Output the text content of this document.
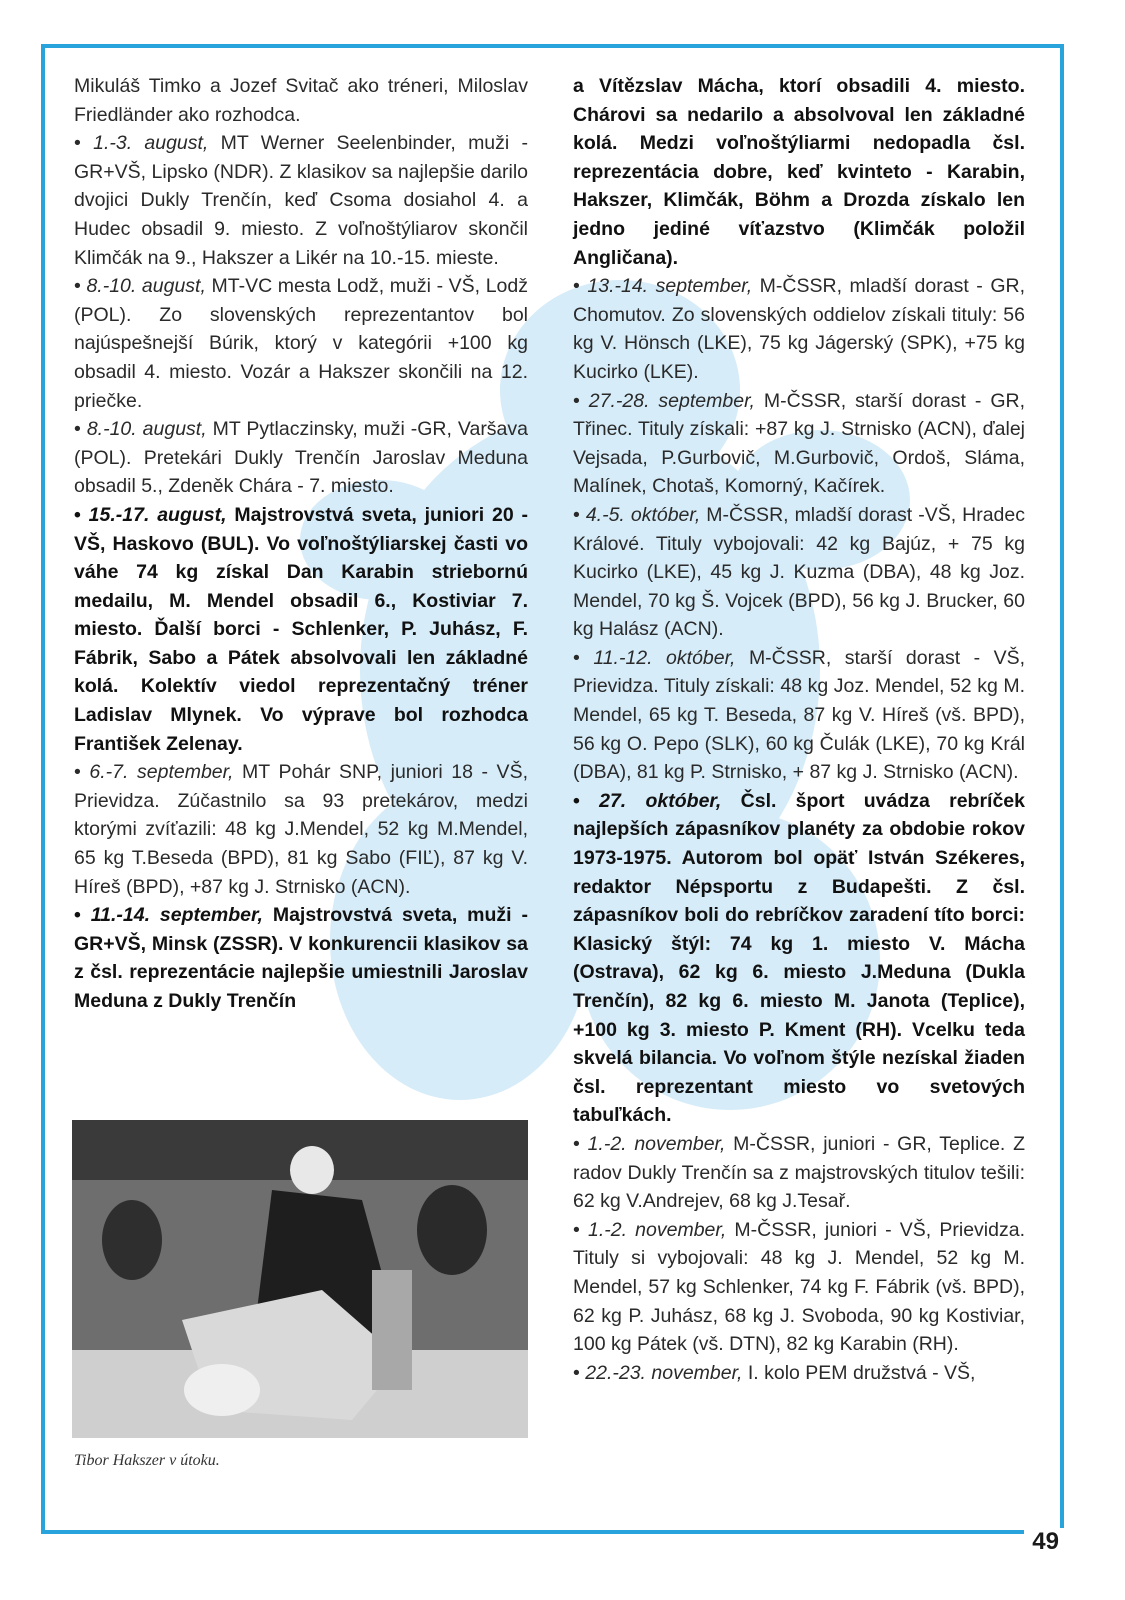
Mikuláš Timko a Jozef Svitač ako tréneri, Miloslav Friedländer ako rozhodca.

• 1.-3. august, MT Werner Seelenbinder, muži - GR+VŠ, Lipsko (NDR). Z klasikov sa najlepšie darilo dvojici Dukly Trenčín, keď Csoma dosiahol 4. a Hudec obsadil 9. miesto. Z voľnoštýliarov skončil Klimčák na 9., Hakszer a Likér na 10.-15. mieste.

• 8.-10. august, MT-VC mesta Lodž, muži - VŠ, Lodž (POL). Zo slovenských reprezentantov bol najúspešnejší Búrik, ktorý v kategórii +100 kg obsadil 4. miesto. Vozár a Hakszer skončili na 12. priečke.

• 8.-10. august, MT Pytlaczinsky, muži -GR, Varšava (POL). Pretekári Dukly Trenčín Jaroslav Meduna obsadil 5., Zdeněk Chára - 7. miesto.

• 15.-17. august, Majstrovstvá sveta, juniori 20 - VŠ, Haskovo (BUL). Vo voľnoštýliarskej časti vo váhe 74 kg získal Dan Karabin striebornú medailu, M. Mendel obsadil 6., Kostiviar 7. miesto. Ďalší borci - Schlenker, P. Juhász, F. Fábrik, Sabo a Pátek absolvovali len základné kolá. Kolektív viedol reprezentačný tréner Ladislav Mlynek. Vo výprave bol rozhodca František Zelenay.

• 6.-7. september, MT Pohár SNP, juniori 18 - VŠ, Prievidza. Zúčastnilo sa 93 pretekárov, medzi ktorými zvíťazili: 48 kg J.Mendel, 52 kg M.Mendel, 65 kg T.Beseda (BPD), 81 kg Sabo (FIĽ), 87 kg V. Híreš (BPD), +87 kg J. Strnisko (ACN).

• 11.-14. september, Majstrovstvá sveta, muži - GR+VŠ, Minsk (ZSSR). V konkurencii klasikov sa z čsl. reprezentácie najlepšie umiestnili Jaroslav Meduna z Dukly Trenčín

a Vítězslav Mácha, ktorí obsadili 4. miesto. Chárovi sa nedarilo a absolvoval len základné kolá. Medzi voľnoštýliarmi nedopadla čsl. reprezentácia dobre, keď kvinteto - Karabin, Hakszer, Klimčák, Böhm a Drozda získalo len jedno jediné víťazstvo (Klimčák položil Angličana).

• 13.-14. september, M-ČSSR, mladší dorast - GR, Chomutov. Zo slovenských oddielov získali tituly: 56 kg V. Hönsch (LKE), 75 kg Jágerský (SPK), +75 kg Kucirko (LKE).

• 27.-28. september, M-ČSSR, starší dorast - GR, Třinec. Tituly získali: +87 kg J. Strnisko (ACN), ďalej Vejsada, P.Gurbovič, M.Gurbovič, Ordoš, Sláma, Malínek, Chotaš, Komorný, Kačírek.

• 4.-5. október, M-ČSSR, mladší dorast -VŠ, Hradec Králové. Tituly vybojovali: 42 kg Bajúz, + 75 kg Kucirko (LKE), 45 kg J. Kuzma (DBA), 48 kg Joz. Mendel, 70 kg Š. Vojcek (BPD), 56 kg J. Brucker, 60 kg Halász (ACN).

• 11.-12. október, M-ČSSR, starší dorast - VŠ, Prievidza. Tituly získali: 48 kg Joz. Mendel, 52 kg M. Mendel, 65 kg T. Beseda, 87 kg V. Híreš (vš. BPD), 56 kg O. Pepo (SLK), 60 kg Čulák (LKE), 70 kg Král (DBA), 81 kg P. Strnisko, + 87 kg J. Strnisko (ACN).

• 27. október, Čsl. šport uvádza rebríček najlepších zápasníkov planéty za obdobie rokov 1973-1975. Autorom bol opäť István Székeres, redaktor Népsportu z Budapešti. Z čsl. zápasníkov boli do rebríčkov zaradení títo borci: Klasický štýl: 74 kg 1. miesto V. Mácha (Ostrava), 62 kg 6. miesto J.Meduna (Dukla Trenčín), 82 kg 6. miesto M. Janota (Teplice), +100 kg 3. miesto P. Kment (RH). Vcelku teda skvelá bilancia. Vo voľnom štýle nezískal žiaden čsl. reprezentant miesto vo svetových tabuľkách.

• 1.-2. november, M-ČSSR, juniori - GR, Teplice. Z radov Dukly Trenčín sa z majstrovských titulov tešili: 62 kg V.Andrejev, 68 kg J.Tesař.

• 1.-2. november, M-ČSSR, juniori - VŠ, Prievidza. Tituly si vybojovali: 48 kg J. Mendel, 52 kg M. Mendel, 57 kg Schlenker, 74 kg F. Fábrik (vš. BPD), 62 kg P. Juhász, 68 kg J. Svoboda, 90 kg Kostiviar, 100 kg Pátek (vš. DTN), 82 kg Karabin (RH).

• 22.-23. november, I. kolo PEM družstvá - VŠ,

Tibor Hakszer v útoku.
49
